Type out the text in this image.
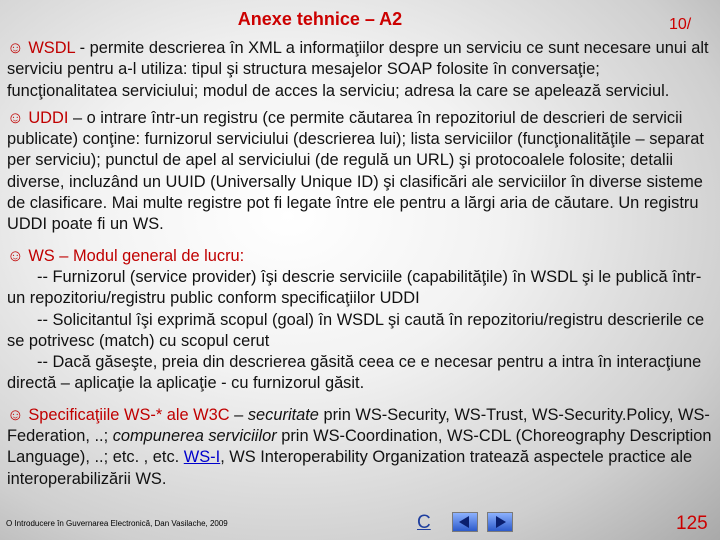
Anexe tehnice – A2	10/

☺ WSDL - permite descrierea în XML a informaţiilor despre un serviciu ce sunt necesare unui alt serviciu pentru a-l utiliza: tipul şi structura mesajelor SOAP folosite în conversaţie; funcţionalitatea serviciului; modul de acces la serviciu; adresa la care se apelează serviciul.

☺ UDDI – o intrare într-un registru (ce permite căutarea în repozitoriul de descrieri de servicii publicate) conţine: furnizorul serviciului (descrierea lui); lista serviciilor (funcţionalităţile – separat per serviciu); punctul de apel al serviciului (de regulă un URL) şi protocoalele folosite; detalii diverse, incluzând un UUID (Universally Unique ID) şi clasificări ale serviciilor în diverse sisteme de clasificare. Mai multe registre pot fi legate între ele pentru a lărgi aria de căutare. Un registru UDDI poate fi un WS.

☺ WS – Modul general de lucru:

-- Furnizorul (service provider) îşi descrie serviciile (capabilităţile) în WSDL şi le publică într-un repozitoriu/registru public conform specificaţiilor UDDI

-- Solicitantul îşi exprimă scopul (goal) în WSDL şi caută în repozitoriu/registru descrierile ce se potrivesc (match) cu scopul cerut

-- Dacă găseşte, preia din descrierea găsită ceea ce e necesar pentru a intra în interacţiune directă – aplicaţie la aplicaţie - cu furnizorul găsit.

☺ Specificaţiile WS-* ale W3C – securitate prin WS-Security, WS-Trust, WS-Security.Policy, WS-Federation, ..; compunerea serviciilor prin WS-Coordination, WS-CDL (Choreography Description Language), ..; etc. , etc. WS-I, WS Interoperability Organization tratează aspectele practice ale interoperabilizării WS.

O Introducere în Guvernarea Electronică, Dan Vasilache, 2009	C	125
